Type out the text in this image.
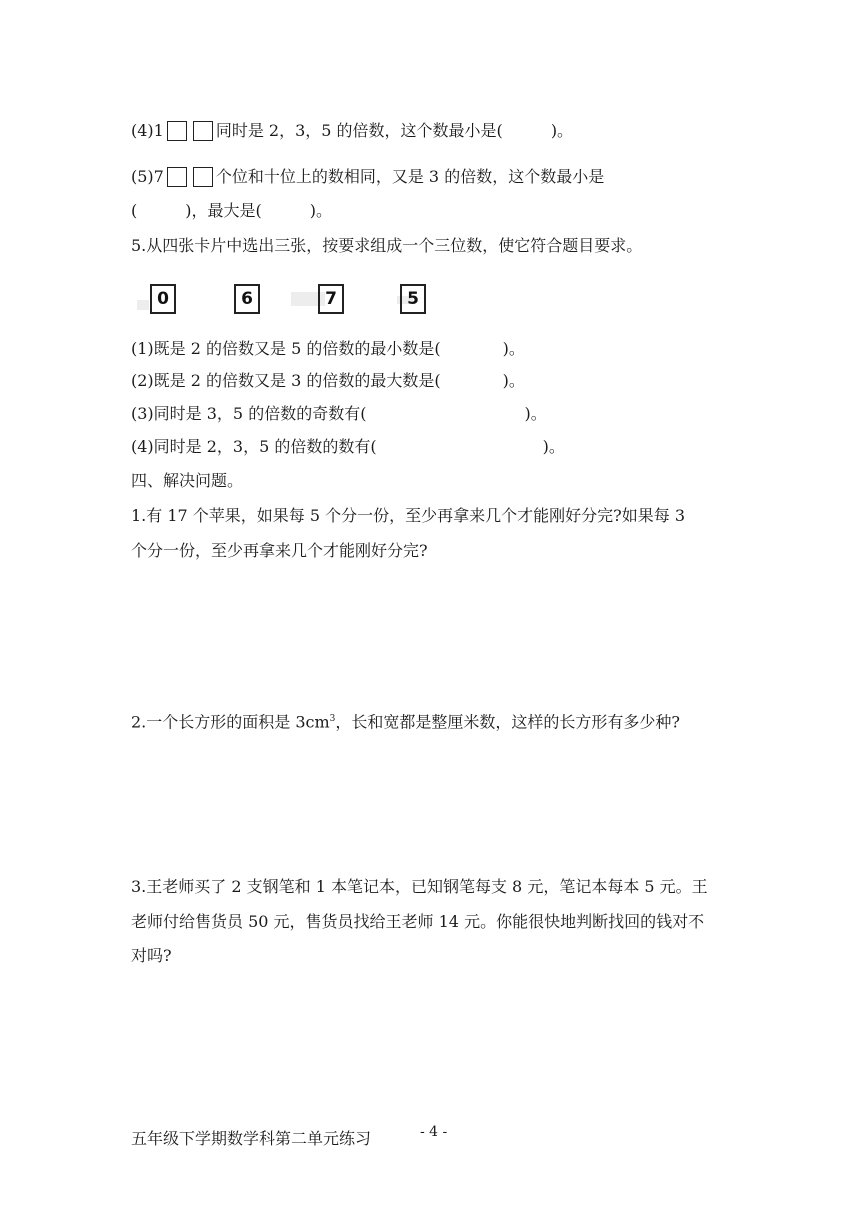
(4)1	同时是 2，3，5 的倍数，这个数最小是(	)。
(5)7	个位和十位上的数相同，又是 3 的倍数，这个数最小是
(	)，最大是(	)。
5.从四张卡片中选出三张，按要求组成一个三位数，使它符合题目要求。
0	6	7	5
(1)既是 2 的倍数又是 5 的倍数的最小数是(	)。
(2)既是 2 的倍数又是 3 的倍数的最大数是(	)。
(3)同时是 3，5 的倍数的奇数有(	)。
(4)同时是 2，3，5 的倍数的数有(	)。
四、解决问题。
1.有 17 个苹果，如果每 5 个分一份，至少再拿来几个才能刚好分完?如果每 3
个分一份，至少再拿来几个才能刚好分完?
2.一个长方形的面积是 $3cm^3$，长和宽都是整厘米数，这样的长方形有多少种?
3.王老师买了 2 支钢笔和 1 本笔记本，已知钢笔每支 8 元，笔记本每本 5 元。王
老师付给售货员 50 元，售货员找给王老师 14 元。你能很快地判断找回的钱对不
对吗?
五年级下学期数学科第二单元练习	- 4 -
